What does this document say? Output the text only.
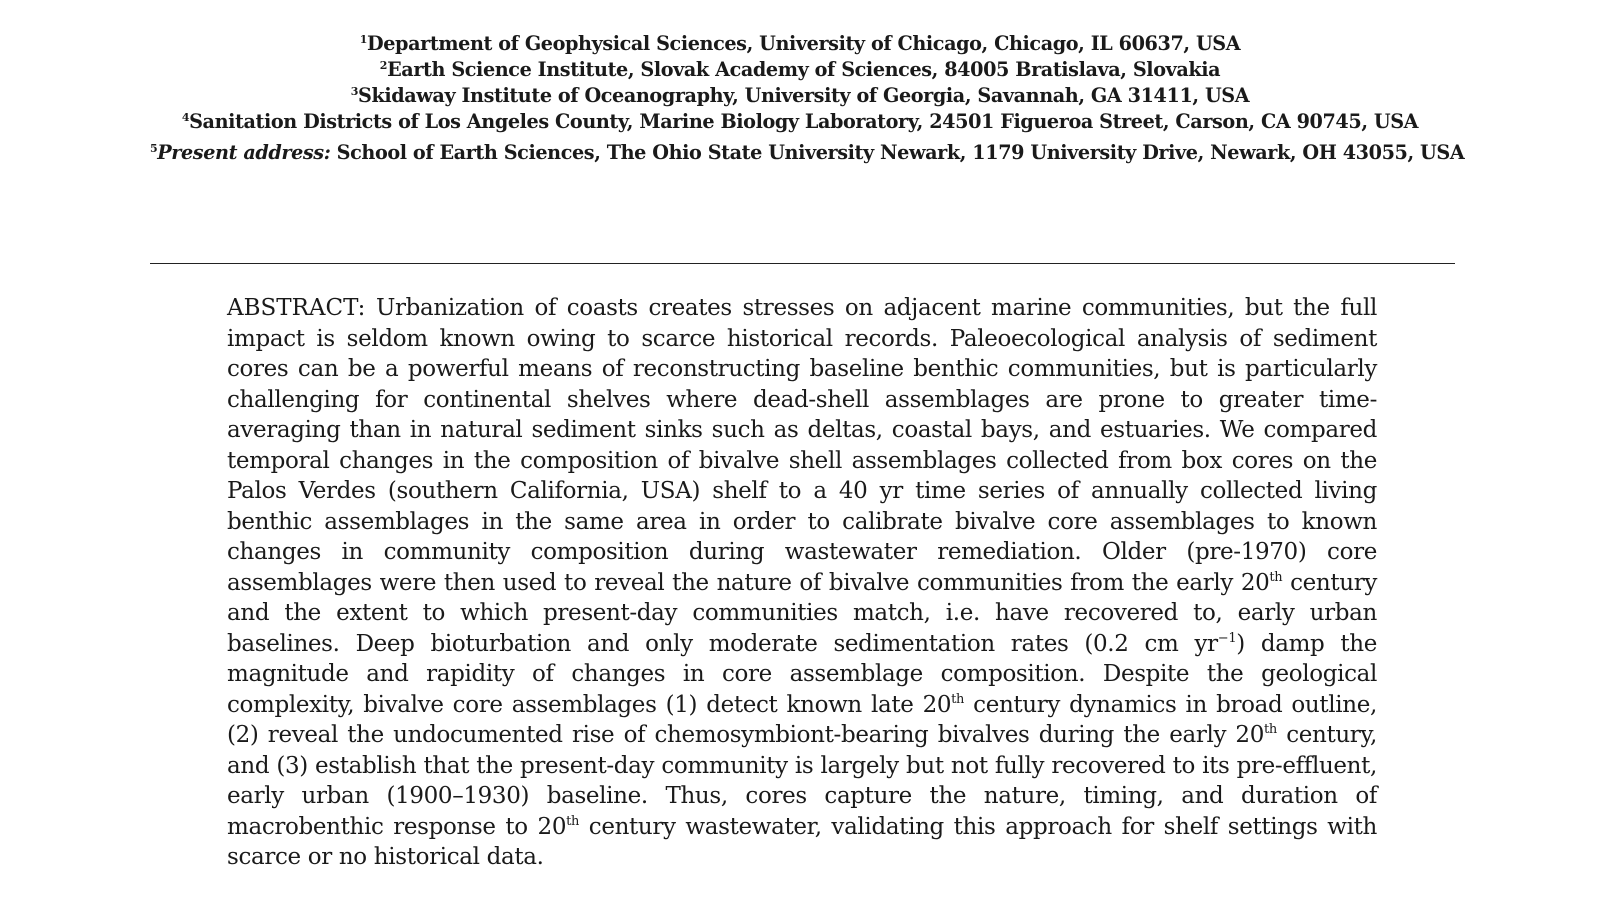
$^1$Department of Geophysical Sciences, University of Chicago, Chicago, IL 60637, USA
$^2$Earth Science Institute, Slovak Academy of Sciences, 84005 Bratislava, Slovakia
$^3$Skidaway Institute of Oceanography, University of Georgia, Savannah, GA 31411, USA
$^4$Sanitation Districts of Los Angeles County, Marine Biology Laboratory, 24501 Figueroa Street, Carson, CA 90745, USA
$^5$Present address: School of Earth Sciences, The Ohio State University Newark, 1179 University Drive, Newark, OH 43055, USA

ABSTRACT: Urbanization of coasts creates stresses on adjacent marine communities, but the full impact is seldom known owing to scarce historical records. Paleoecological analysis of sediment cores can be a powerful means of reconstructing baseline benthic communities, but is particularly challenging for continental shelves where dead-shell assemblages are prone to greater time-averaging than in natural sediment sinks such as deltas, coastal bays, and estuaries. We compared temporal changes in the composition of bivalve shell assemblages collected from box cores on the Palos Verdes (southern California, USA) shelf to a 40 yr time series of annually collected living benthic assemblages in the same area in order to calibrate bivalve core assemblages to known changes in community composition during wastewater remediation. Older (pre-1970) core assemblages were then used to reveal the nature of bivalve communities from the early 20th century and the extent to which present-day communities match, i.e. have recovered to, early urban baselines. Deep bioturbation and only moderate sedimentation rates (0.2 cm $yr^{-1}$) damp the magnitude and rapidity of changes in core assemblage composition. Despite the geological complexity, bivalve core assemblages (1) detect known late 20th century dynamics in broad outline, (2) reveal the undocumented rise of chemosymbiont-bearing bivalves during the early 20th century, and (3) establish that the present-day community is largely but not fully recovered to its pre-effluent, early urban (1900–1930) baseline. Thus, cores capture the nature, timing, and duration of macrobenthic response to 20th century wastewater, validating this approach for shelf settings with scarce or no historical data.
